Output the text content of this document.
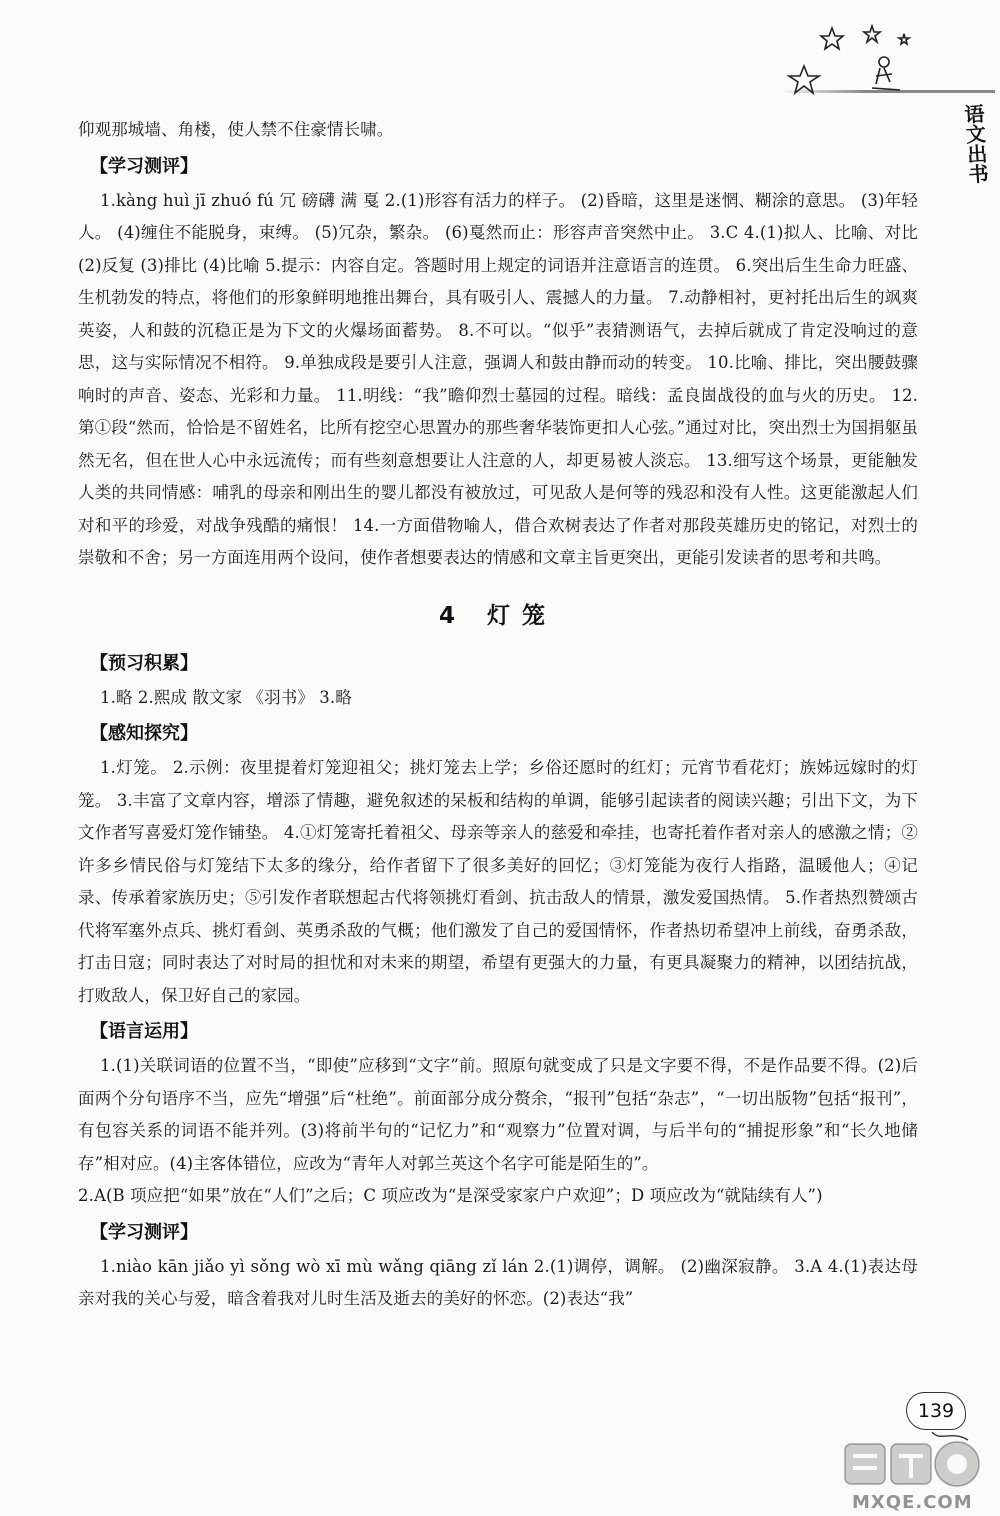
语文出书

仰观那城墙、角楼，使人禁不住豪情长啸。

【学习测评】

1.kàng huì jī zhuó fú 冗 磅礴 满 戛 2.(1)形容有活力的样子。 (2)昏暗，这里是迷惘、糊涂的意思。 (3)年轻人。 (4)缠住不能脱身，束缚。 (5)冗杂，繁杂。 (6)戛然而止：形容声音突然中止。 3.C 4.(1)拟人、比喻、对比 (2)反复 (3)排比 (4)比喻 5.提示：内容自定。答题时用上规定的词语并注意语言的连贯。 6.突出后生生命力旺盛、生机勃发的特点，将他们的形象鲜明地推出舞台，具有吸引人、震撼人的力量。 7.动静相衬，更衬托出后生的飒爽英姿，人和鼓的沉稳正是为下文的火爆场面蓄势。 8.不可以。“似乎”表猜测语气，去掉后就成了肯定没响过的意思，这与实际情况不相符。 9.单独成段是要引人注意，强调人和鼓由静而动的转变。 10.比喻、排比，突出腰鼓骤响时的声音、姿态、光彩和力量。 11.明线：“我”瞻仰烈士墓园的过程。暗线：孟良崮战役的血与火的历史。 12.第①段“然而，恰恰是不留姓名，比所有挖空心思置办的那些奢华装饰更扣人心弦。”通过对比，突出烈士为国捐躯虽然无名，但在世人心中永远流传；而有些刻意想要让人注意的人，却更易被人淡忘。 13.细写这个场景，更能触发人类的共同情感：哺乳的母亲和刚出生的婴儿都没有被放过，可见敌人是何等的残忍和没有人性。这更能激起人们对和平的珍爱，对战争残酷的痛恨！ 14.一方面借物喻人，借合欢树表达了作者对那段英雄历史的铭记，对烈士的崇敬和不舍；另一方面连用两个设问，使作者想要表达的情感和文章主旨更突出，更能引发读者的思考和共鸣。

4 灯笼
【预习积累】

1.略 2.熙成 散文家 《羽书》 3.略

【感知探究】

1.灯笼。 2.示例：夜里提着灯笼迎祖父；挑灯笼去上学；乡俗还愿时的红灯；元宵节看花灯；族姊远嫁时的灯笼。 3.丰富了文章内容，增添了情趣，避免叙述的呆板和结构的单调，能够引起读者的阅读兴趣；引出下文，为下文作者写喜爱灯笼作铺垫。 4.①灯笼寄托着祖父、母亲等亲人的慈爱和牵挂，也寄托着作者对亲人的感激之情；②许多乡情民俗与灯笼结下太多的缘分，给作者留下了很多美好的回忆；③灯笼能为夜行人指路，温暖他人；④记录、传承着家族历史；⑤引发作者联想起古代将领挑灯看剑、抗击敌人的情景，激发爱国热情。 5.作者热烈赞颂古代将军塞外点兵、挑灯看剑、英勇杀敌的气概；他们激发了自己的爱国情怀，作者热切希望冲上前线，奋勇杀敌，打击日寇；同时表达了对时局的担忧和对未来的期望，希望有更强大的力量，有更具凝聚力的精神，以团结抗战，打败敌人，保卫好自己的家园。

【语言运用】

1.(1)关联词语的位置不当，“即使”应移到“文字”前。照原句就变成了只是文字要不得，不是作品要不得。(2)后面两个分句语序不当，应先“增强”后“杜绝”。前面部分成分赘余，“报刊”包括“杂志”，“一切出版物”包括“报刊”，有包容关系的词语不能并列。(3)将前半句的“记忆力”和“观察力”位置对调，与后半句的“捕捉形象”和“长久地储存”相对应。(4)主客体错位，应改为“青年人对郭兰英这个名字可能是陌生的”。

2.A(B 项应把“如果”放在“人们”之后；C 项应改为“是深受家家户户欢迎”；D 项应改为“就陆续有人”)

【学习测评】

1.niào kān jiǎo yì sǒng wò xī mù wǎng qiāng zǐ lán 2.(1)调停，调解。 (2)幽深寂静。 3.A 4.(1)表达母亲对我的关心与爱，暗含着我对儿时生活及逝去的美好的怀恋。(2)表达“我”

139
MXQE.COM
